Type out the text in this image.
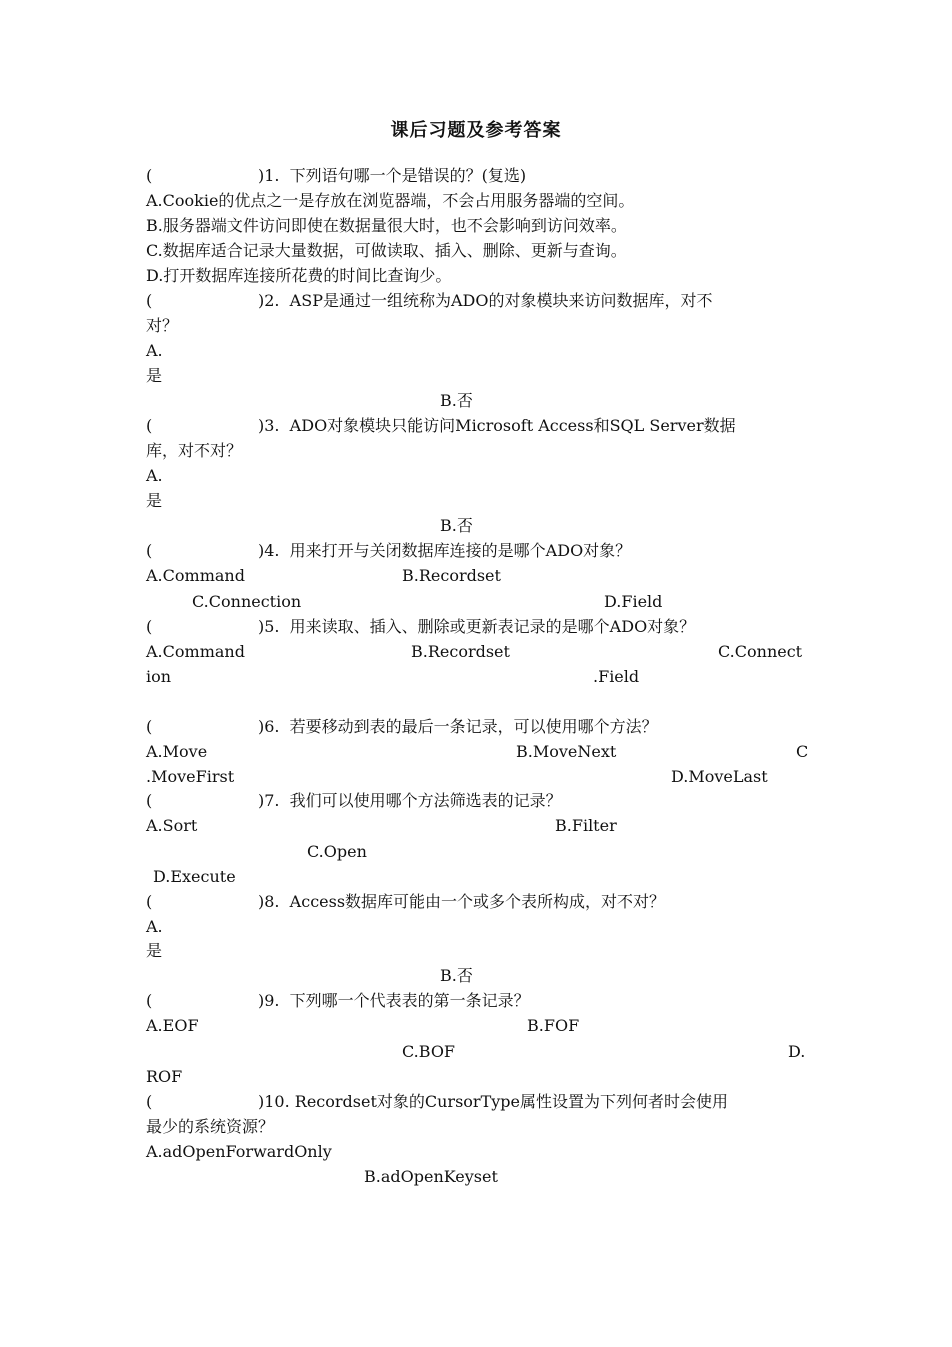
课后习题及参考答案
(	)1.  下列语句哪一个是错误的？(复选)
A.Cookie的优点之一是存放在浏览器端，不会占用服务器端的空间。
B.服务器端文件访问即使在数据量很大时，也不会影响到访问效率。
C.数据库适合记录大量数据，可做读取、插入、删除、更新与查询。
D.打开数据库连接所花费的时间比查询少。
(	)2.  ASP是通过一组统称为ADO的对象模块来访问数据库，对不
对？
A.
是
B.否
(	)3.  ADO对象模块只能访问Microsoft Access和SQL Server数据
库，对不对？
A.
是
B.否
(	)4.  用来打开与关闭数据库连接的是哪个ADO对象？
A.Command	B.Recordset
C.Connection	D.Field
(	)5.  用来读取、插入、删除或更新表记录的是哪个ADO对象？
A.Command	B.Recordset	C.Connect
ion	.Field
(	)6.  若要移动到表的最后一条记录，可以使用哪个方法？
A.Move	B.MoveNext	C
.MoveFirst	D.MoveLast
(	)7.  我们可以使用哪个方法筛选表的记录？
A.Sort	B.Filter
C.Open
D.Execute
(	)8.  Access数据库可能由一个或多个表所构成，对不对？
A.
是
B.否
(	)9.  下列哪一个代表表的第一条记录？
A.EOF	B.FOF
C.BOF	D.
ROF
(	)10. Recordset对象的CursorType属性设置为下列何者时会使用
最少的系统资源？
A.adOpenForwardOnly
B.adOpenKeyset
